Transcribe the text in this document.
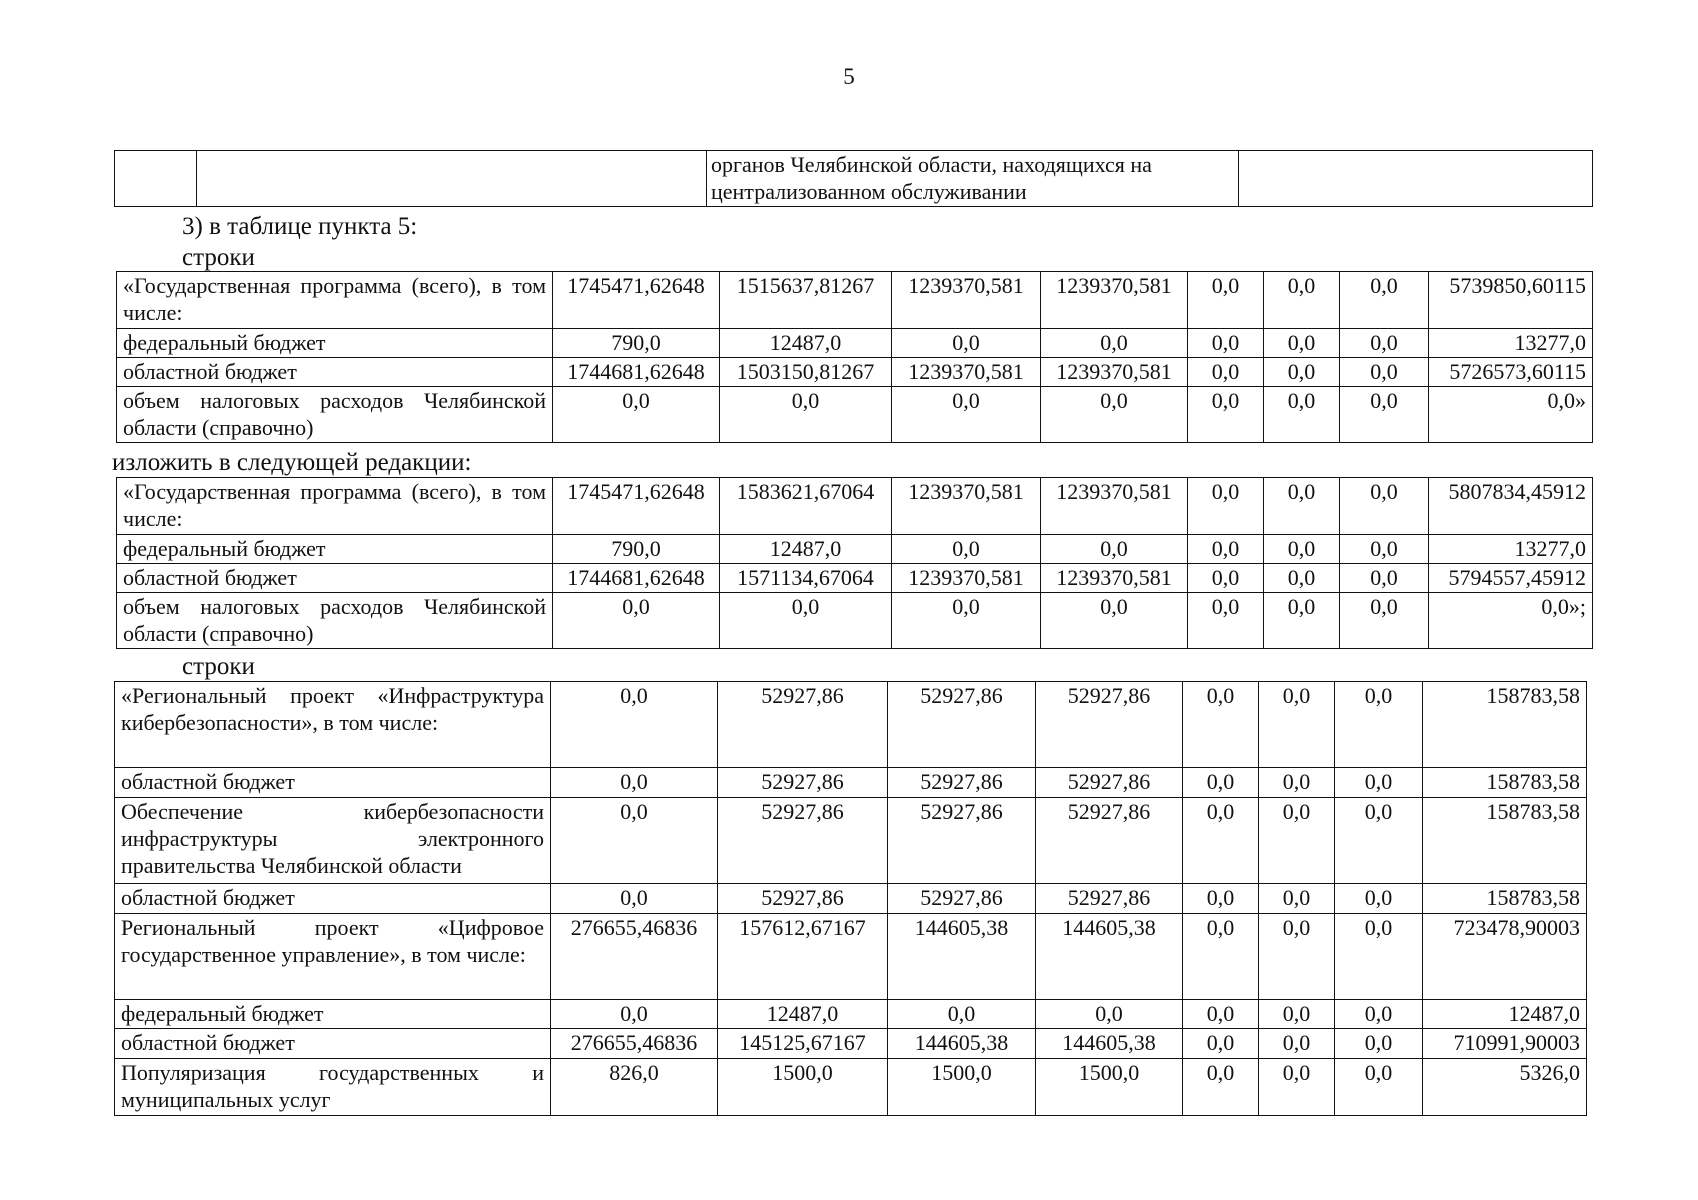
5
		органов Челябинской области, находящихся на
централизованном обслуживании	
3) в таблице пункта 5:
строки
«Государственная программа (всего), в том числе:	1745471,62648	1515637,81267	1239370,581	1239370,581	0,0	0,0	0,0	5739850,60115
федеральный бюджет	790,0	12487,0	0,0	0,0	0,0	0,0	0,0	13277,0
областной бюджет	1744681,62648	1503150,81267	1239370,581	1239370,581	0,0	0,0	0,0	5726573,60115
объем налоговых расходов Челябинской области (справочно)	0,0	0,0	0,0	0,0	0,0	0,0	0,0	0,0»
изложить в следующей редакции:
«Государственная программа (всего), в том числе:	1745471,62648	1583621,67064	1239370,581	1239370,581	0,0	0,0	0,0	5807834,45912
федеральный бюджет	790,0	12487,0	0,0	0,0	0,0	0,0	0,0	13277,0
областной бюджет	1744681,62648	1571134,67064	1239370,581	1239370,581	0,0	0,0	0,0	5794557,45912
объем налоговых расходов Челябинской области (справочно)	0,0	0,0	0,0	0,0	0,0	0,0	0,0	0,0»;
строки
«Региональный проект «Инфраструктура кибербезопасности», в том числе:	0,0	52927,86	52927,86	52927,86	0,0	0,0	0,0	158783,58
областной бюджет	0,0	52927,86	52927,86	52927,86	0,0	0,0	0,0	158783,58
Обеспечение кибербезопасности инфраструктуры электронного правительства Челябинской области	0,0	52927,86	52927,86	52927,86	0,0	0,0	0,0	158783,58
областной бюджет	0,0	52927,86	52927,86	52927,86	0,0	0,0	0,0	158783,58
Региональный проект «Цифровое государственное управление», в том числе:	276655,46836	157612,67167	144605,38	144605,38	0,0	0,0	0,0	723478,90003
федеральный бюджет	0,0	12487,0	0,0	0,0	0,0	0,0	0,0	12487,0
областной бюджет	276655,46836	145125,67167	144605,38	144605,38	0,0	0,0	0,0	710991,90003
Популяризация государственных и муниципальных услуг	826,0	1500,0	1500,0	1500,0	0,0	0,0	0,0	5326,0
